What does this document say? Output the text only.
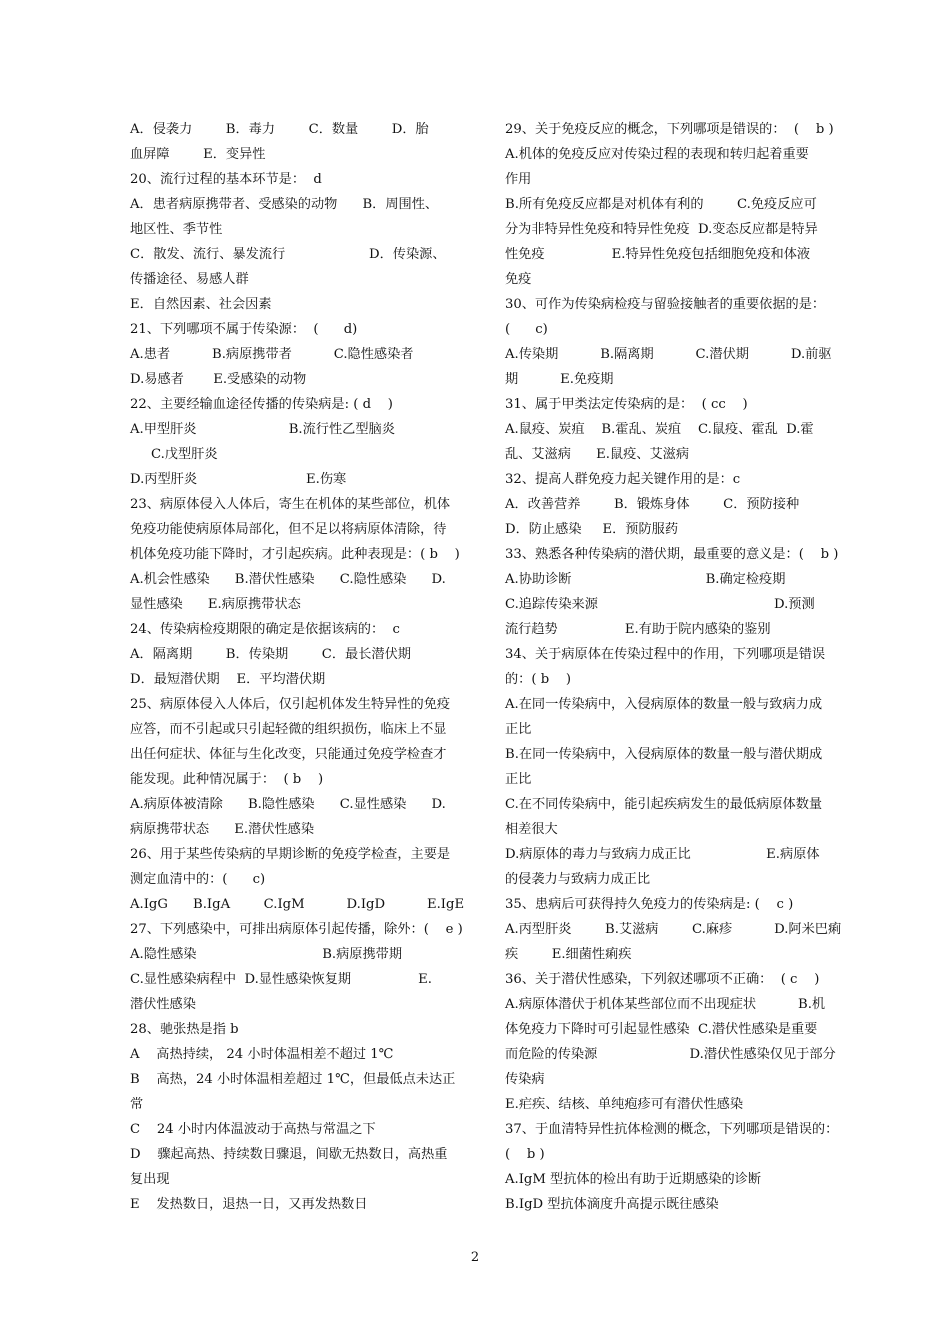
A．侵袭力        B．毒力        C．数量        D．胎

血屏障        E．变异性

20、流行过程的基本环节是：  d

A．患者病原携带者、受感染的动物      B．周围性、

地区性、季节性

C．散发、流行、暴发流行                    D．传染源、

传播途径、易感人群

E．自然因素、社会因素

21、下列哪项不属于传染源：  (      d)

A.患者          B.病原携带者          C.隐性感染者

D.易感者       E.受感染的动物

22、主要经输血途径传播的传染病是: ( d    )

A.甲型肝炎                      B.流行性乙型脑炎

C.戊型肝炎

D.丙型肝炎                          E.伤寒

23、病原体侵入人体后，寄生在机体的某些部位，机体

免疫功能使病原体局部化，但不足以将病原体清除，待

机体免疫功能下降时，才引起疾病。此种表现是：( b    )

A.机会性感染      B.潜伏性感染      C.隐性感染      D.

显性感染      E.病原携带状态

24、传染病检疫期限的确定是依据该病的：  c

A．隔离期        B．传染期        C．最长潜伏期

D．最短潜伏期    E．平均潜伏期

25、病原体侵入人体后，仅引起机体发生特异性的免疫

应答，而不引起或只引起轻微的组织损伤，临床上不显

出任何症状、体征与生化改变，只能通过免疫学检查才

能发现。此种情况属于：  ( b    )

A.病原体被清除      B.隐性感染      C.显性感染      D.

病原携带状态      E.潜伏性感染

26、用于某些传染病的早期诊断的免疫学检查，主要是

测定血清中的：(      c)

A.IgG      B.IgA        C.IgM          D.IgD          E.IgE

27、下列感染中，可排出病原体引起传播，除外：(    e )

A.隐性感染                              B.病原携带期

C.显性感染病程中  D.显性感染恢复期                E.

潜伏性感染

28、驰张热是指 b

A    高热持续， 24 小时体温相差不超过 1℃

B    高热，24 小时体温相差超过 1℃，但最低点未达正

常

C    24 小时内体温波动于高热与常温之下

D    骤起高热、持续数日骤退，间歇无热数日，高热重

复出现

E    发热数日，退热一日，又再发热数日

29、关于免疫反应的概念，下列哪项是错误的：  (    b )

A.机体的免疫反应对传染过程的表现和转归起着重要

作用

B.所有免疫反应都是对机体有利的        C.免疫反应可

分为非特异性免疫和特异性免疫  D.变态反应都是特异

性免疫                E.特异性免疫包括细胞免疫和体液

免疫

30、可作为传染病检疫与留验接触者的重要依据的是：

(      c)

A.传染期          B.隔离期          C.潜伏期          D.前驱

期          E.免疫期

31、属于甲类法定传染病的是：  ( cc    )

A.鼠疫、炭疽    B.霍乱、炭疽    C.鼠疫、霍乱  D.霍

乱、艾滋病      E.鼠疫、艾滋病

32、提高人群免疫力起关键作用的是：c

A．改善营养        B．锻炼身体        C．预防接种

D．防止感染     E．预防服药

33、熟悉各种传染病的潜伏期，最重要的意义是：(    b )

A.协助诊断                                B.确定检疫期

C.追踪传染来源                                          D.预测

流行趋势                E.有助于院内感染的鉴别

34、关于病原体在传染过程中的作用，下列哪项是错误

的：( b    )

A.在同一传染病中，入侵病原体的数量一般与致病力成

正比

B.在同一传染病中，入侵病原体的数量一般与潜伏期成

正比

C.在不同传染病中，能引起疾病发生的最低病原体数量

相差很大

D.病原体的毒力与致病力成正比                  E.病原体

的侵袭力与致病力成正比

35、患病后可获得持久免疫力的传染病是: (    c )

A.丙型肝炎        B.艾滋病        C.麻疹          D.阿米巴痢

疾        E.细菌性痢疾

36、关于潜伏性感染，下列叙述哪项不正确：  ( c    )

A.病原体潜伏于机体某些部位而不出现症状          B.机

体免疫力下降时可引起显性感染  C.潜伏性感染是重要

而危险的传染源                      D.潜伏性感染仅见于部分

传染病

E.疟疾、结核、单纯疱疹可有潜伏性感染

37、于血清特异性抗体检测的概念，下列哪项是错误的：

(    b )

A.IgM 型抗体的检出有助于近期感染的诊断

B.IgD 型抗体滴度升高提示既往感染

2
